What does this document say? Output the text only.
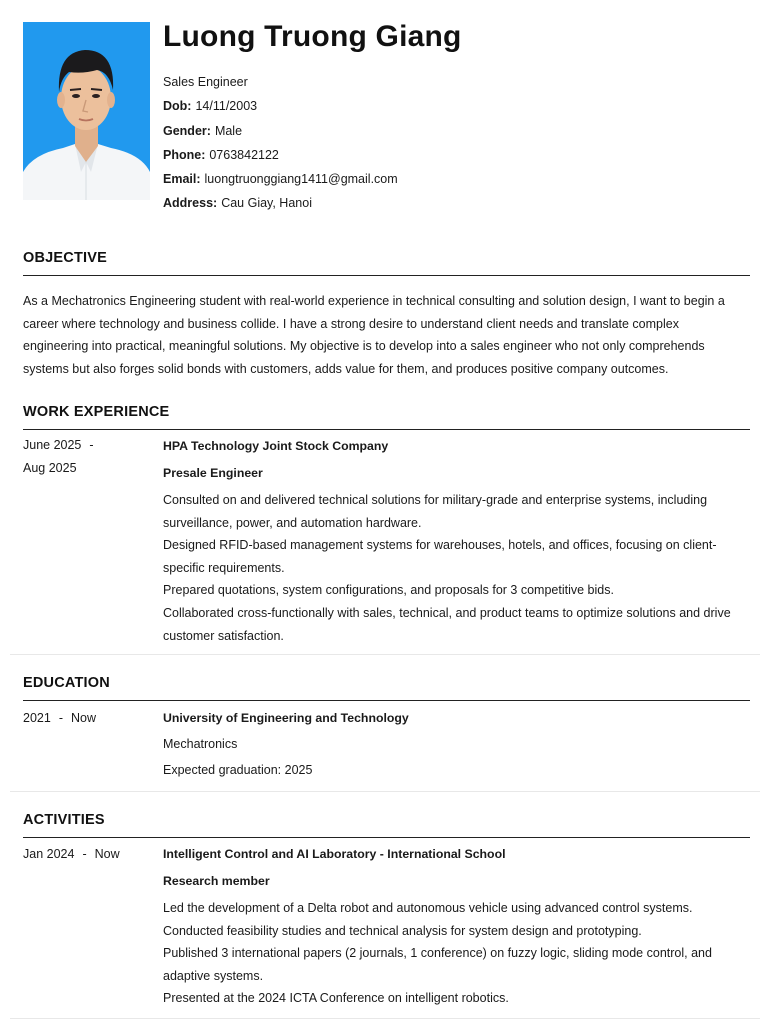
Luong Truong Giang
Sales Engineer
Dob: 14/11/2003
Gender: Male
Phone: 0763842122
Email: luongtruonggiang1411@gmail.com
Address: Cau Giay, Hanoi
OBJECTIVE

As a Mechatronics Engineering student with real-world experience in technical consulting and solution design, I want to begin a career where technology and business collide. I have a strong desire to understand client needs and translate complex engineering into practical, meaningful solutions. My objective is to develop into a sales engineer who not only comprehends systems but also forges solid bonds with customers, adds value for them, and produces positive company outcomes.

WORK EXPERIENCE
June 2025 -
Aug 2025

HPA Technology Joint Stock Company

Presale Engineer

Consulted on and delivered technical solutions for military-grade and enterprise systems, including surveillance, power, and automation hardware.

Designed RFID-based management systems for warehouses, hotels, and offices, focusing on client-specific requirements.

Prepared quotations, system configurations, and proposals for 3 competitive bids.

Collaborated cross-functionally with sales, technical, and product teams to optimize solutions and drive customer satisfaction.

EDUCATION
2021 - Now	University of Engineering and Technology

Mechatronics

Expected graduation: 2025

ACTIVITIES
Jan 2024 - Now	Intelligent Control and AI Laboratory - International School

Research member

Led the development of a Delta robot and autonomous vehicle using advanced control systems.

Conducted feasibility studies and technical analysis for system design and prototyping.

Published 3 international papers (2 journals, 1 conference) on fuzzy logic, sliding mode control, and adaptive systems.

Presented at the 2024 ICTA Conference on intelligent robotics.
